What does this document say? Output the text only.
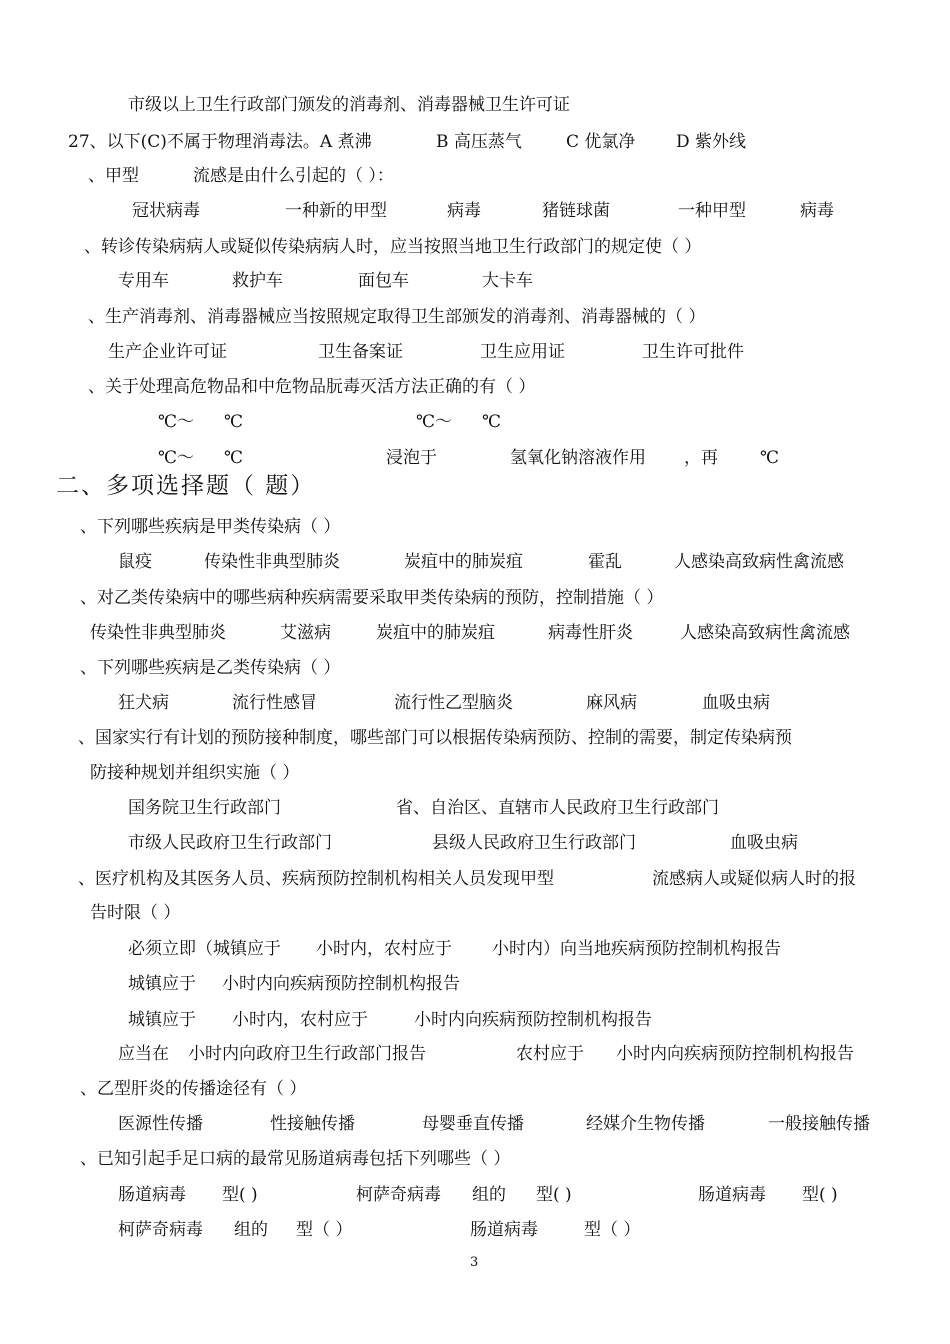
市级以上卫生行政部门颁发的消毒剂、消毒器械卫生许可证
27、以下(C)不属于物理消毒法。A 煮沸	B 高压蒸气	C 优氯净 D 紫外线
、甲型	流感是由什么引起的（ ）：
冠状病毒	一种新的甲型	病毒	猪链球菌	一种甲型	病毒
、转诊传染病病人或疑似传染病病人时，应当按照当地卫生行政部门的规定使（ ）
专用车	救护车	面包车	大卡车
、生产消毒剂、消毒器械应当按照规定取得卫生部颁发的消毒剂、消毒器械的（ ）
生产企业许可证	卫生备案证	卫生应用证	卫生许可批件
、关于处理高危物品和中危物品朊毒灭活方法正确的有（ ）
℃～ ℃	℃～ ℃
℃～ ℃	浸泡于	氢氧化钠溶液作用 ，再 ℃
二、多项选择题（ 题）
、下列哪些疾病是甲类传染病（ ）
鼠疫	传染性非典型肺炎	炭疽中的肺炭疽	霍乱	人感染高致病性禽流感
、对乙类传染病中的哪些病种疾病需要采取甲类传染病的预防，控制措施（ ）
传染性非典型肺炎	艾滋病	炭疽中的肺炭疽	病毒性肝炎	人感染高致病性禽流感
、下列哪些疾病是乙类传染病（ ）
狂犬病	流行性感冒	流行性乙型脑炎	麻风病	血吸虫病
、国家实行有计划的预防接种制度，哪些部门可以根据传染病预防、控制的需要，制定传染病预
防接种规划并组织实施（ ）
国务院卫生行政部门	省、自治区、直辖市人民政府卫生行政部门
市级人民政府卫生行政部门	县级人民政府卫生行政部门	血吸虫病
、医疗机构及其医务人员、疾病预防控制机构相关人员发现甲型	流感病人或疑似病人时的报
告时限（ ）
必须立即（城镇应于 小时内，农村应于 小时内）向当地疾病预防控制机构报告
城镇应于 小时内向疾病预防控制机构报告
城镇应于 小时内，农村应于	小时内向疾病预防控制机构报告
应当在 小时内向政府卫生行政部门报告	农村应于 小时内向疾病预防控制机构报告
、乙型肝炎的传播途径有（ ）
医源性传播	性接触传播	母婴垂直传播	经媒介生物传播	一般接触传播
、已知引起手足口病的最常见肠道病毒包括下列哪些（ ）
肠道病毒 型( )	柯萨奇病毒 组的 型( )	肠道病毒 型( )
柯萨奇病毒 组的 型（ ）	肠道病毒	型（ ）
3
